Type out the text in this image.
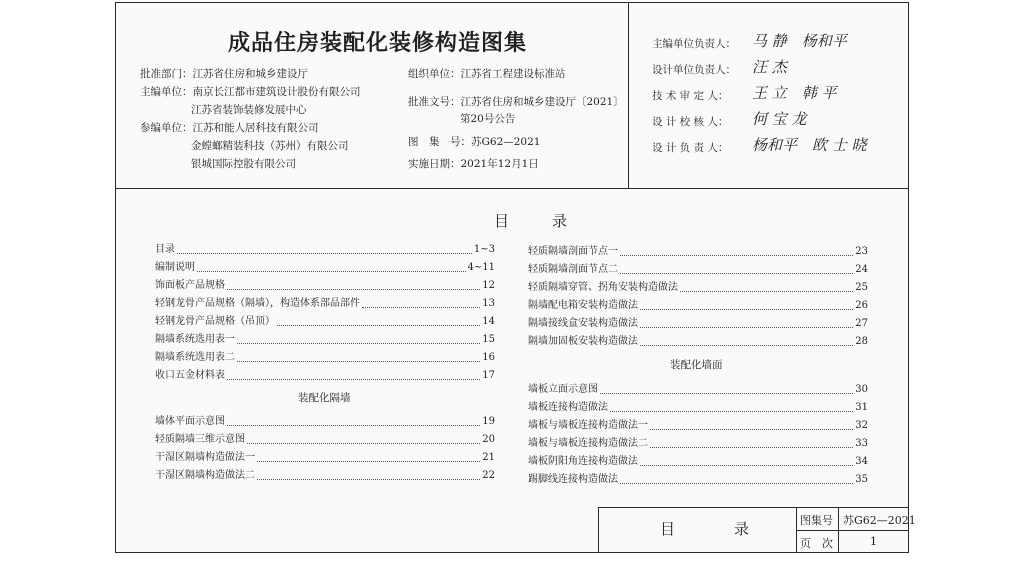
成品住房装配化装修构造图集
批准部门：江苏省住房和城乡建设厅
主编单位：南京长江都市建筑设计股份有限公司
江苏省装饰装修发展中心
参编单位：江苏和能人居科技有限公司
金螳螂精装科技（苏州）有限公司
银城国际控股有限公司
组织单位：江苏省工程建设标准站
批准文号：江苏省住房和城乡建设厅〔2021〕
第20号公告
图　集　号：苏G62—2021
实施日期：2021年12月1日
主编单位负责人： 马 静　杨和平
设计单位负责人： 汪 杰
技 术 审 定 人： 王 立　韩 平
设 计 校 核 人： 何 宝 龙
设 计 负 责 人： 杨和平　欧 士 晓
目　录
目录	1~3
编制说明	4~11
饰面板产品规格	12
轻钢龙骨产品规格（隔墙），构造体系部品部件	13
轻钢龙骨产品规格（吊顶）	14
隔墙系统选用表一	15
隔墙系统选用表二	16
收口五金材料表	17
装配化隔墙
墙体平面示意图	19
轻质隔墙三维示意图	20
干湿区隔墙构造做法一	21
干湿区隔墙构造做法二	22
轻质隔墙剖面节点一	23
轻质隔墙剖面节点二	24
轻质隔墙穿管、拐角安装构造做法	25
隔墙配电箱安装构造做法	26
隔墙接线盒安装构造做法	27
隔墙加固板安装构造做法	28
装配化墙面
墙板立面示意图	30
墙板连接构造做法	31
墙板与墙板连接构造做法一	32
墙板与墙板连接构造做法二	33
墙板阴阳角连接构造做法	34
踢脚线连接构造做法	35
目　录	图集号 苏G62—2021
页　次	1
